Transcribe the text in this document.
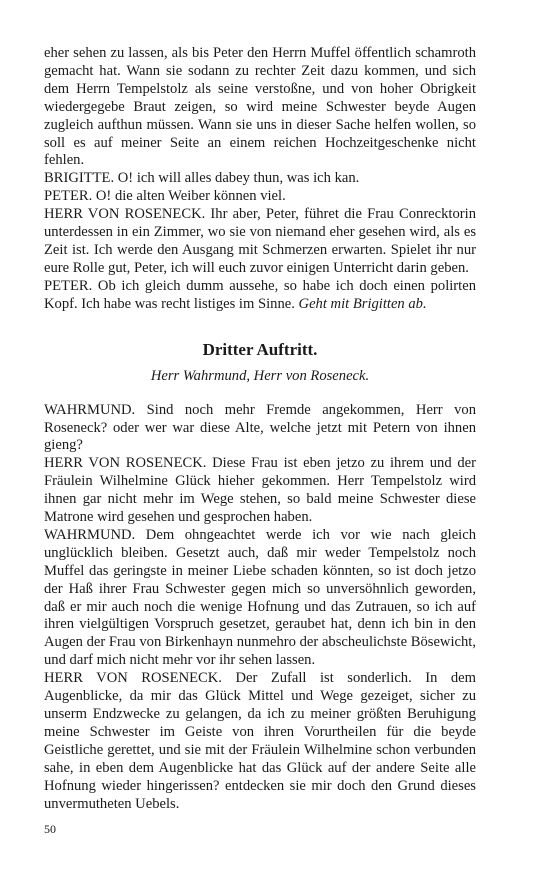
eher sehen zu lassen, als bis Peter den Herrn Muffel öffentlich schamroth gemacht hat. Wann sie sodann zu rechter Zeit dazu kommen, und sich dem Herrn Tempelstolz als seine verstoßne, und von hoher Obrigkeit wiedergegebe Braut zeigen, so wird meine Schwester beyde Augen zugleich aufthun müssen. Wann sie uns in dieser Sache helfen wollen, so soll es auf meiner Seite an einem reichen Hochzeitgeschenke nicht fehlen.

BRIGITTE. O! ich will alles dabey thun, was ich kan.

PETER. O! die alten Weiber können viel.

HERR VON ROSENECK. Ihr aber, Peter, führet die Frau Conrecktorin unterdessen in ein Zimmer, wo sie von niemand eher gesehen wird, als es Zeit ist. Ich werde den Ausgang mit Schmerzen erwarten. Spielet ihr nur eure Rolle gut, Peter, ich will euch zuvor einigen Unterricht darin geben.

PETER. Ob ich gleich dumm aussehe, so habe ich doch einen polirten Kopf. Ich habe was recht listiges im Sinne. Geht mit Brigitten ab.

Dritter Auftritt.

Herr Wahrmund, Herr von Roseneck.

WAHRMUND. Sind noch mehr Fremde angekommen, Herr von Roseneck? oder wer war diese Alte, welche jetzt mit Petern von ihnen gieng?

HERR VON ROSENECK. Diese Frau ist eben jetzo zu ihrem und der Fräulein Wilhelmine Glück hieher gekommen. Herr Tempelstolz wird ihnen gar nicht mehr im Wege stehen, so bald meine Schwester diese Matrone wird gesehen und gesprochen haben.

WAHRMUND. Dem ohngeachtet werde ich vor wie nach gleich unglücklich bleiben. Gesetzt auch, daß mir weder Tempelstolz noch Muffel das geringste in meiner Liebe schaden könnten, so ist doch jetzo der Haß ihrer Frau Schwester gegen mich so unversöhnlich geworden, daß er mir auch noch die wenige Hofnung und das Zutrauen, so ich auf ihren vielgültigen Vorspruch gesetzet, geraubet hat, denn ich bin in den Augen der Frau von Birkenhayn nunmehro der abscheulichste Bösewicht, und darf mich nicht mehr vor ihr sehen lassen.

HERR VON ROSENECK. Der Zufall ist sonderlich. In dem Augenblicke, da mir das Glück Mittel und Wege gezeiget, sicher zu unserm Endzwecke zu gelangen, da ich zu meiner größten Beruhigung meine Schwester im Geiste von ihren Vorurtheilen für die beyde Geistliche gerettet, und sie mit der Fräulein Wilhelmine schon verbunden sahe, in eben dem Augenblicke hat das Glück auf der andere Seite alle Hofnung wieder hingerissen? entdecken sie mir doch den Grund dieses unvermutheten Uebels.

50
